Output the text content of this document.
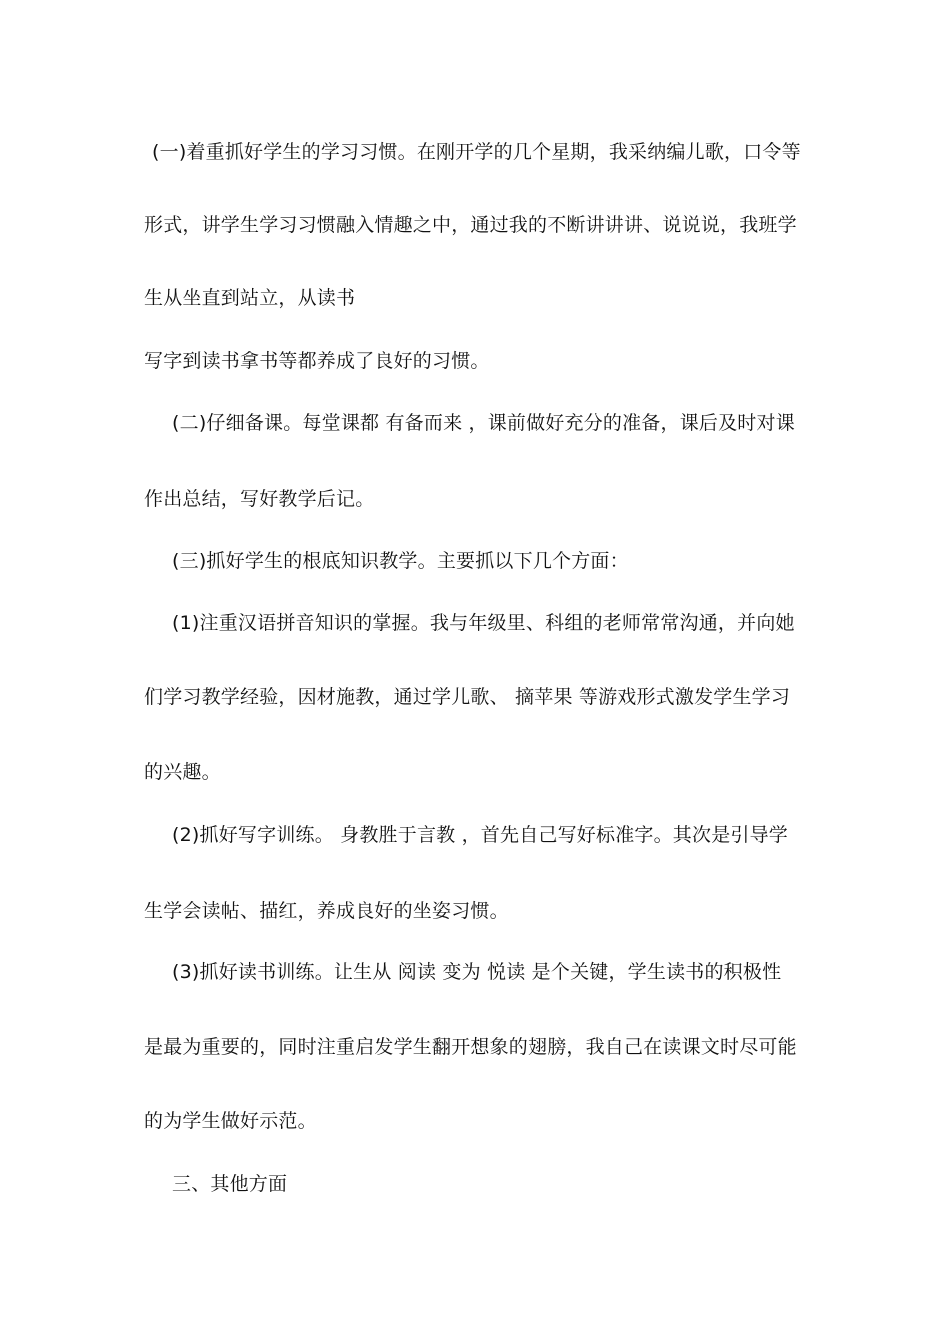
(一)着重抓好学生的学习习惯。在刚开学的几个星期，我采纳编儿歌，口令等
形式，讲学生学习习惯融入情趣之中，通过我的不断讲讲讲、说说说，我班学
生从坐直到站立，从读书
写字到读书拿书等都养成了良好的习惯。
(二)仔细备课。每堂课都 有备而来 ，课前做好充分的准备，课后及时对课
作出总结，写好教学后记。
(三)抓好学生的根底知识教学。主要抓以下几个方面：
(1)注重汉语拼音知识的掌握。我与年级里、科组的老师常常沟通，并向她
们学习教学经验，因材施教，通过学儿歌、 摘苹果 等游戏形式激发学生学习
的兴趣。
(2)抓好写字训练。 身教胜于言教 ，首先自己写好标准字。其次是引导学
生学会读帖、描红，养成良好的坐姿习惯。
(3)抓好读书训练。让生从 阅读 变为 悦读 是个关键，学生读书的积极性
是最为重要的，同时注重启发学生翻开想象的翅膀，我自己在读课文时尽可能
的为学生做好示范。
三、其他方面
